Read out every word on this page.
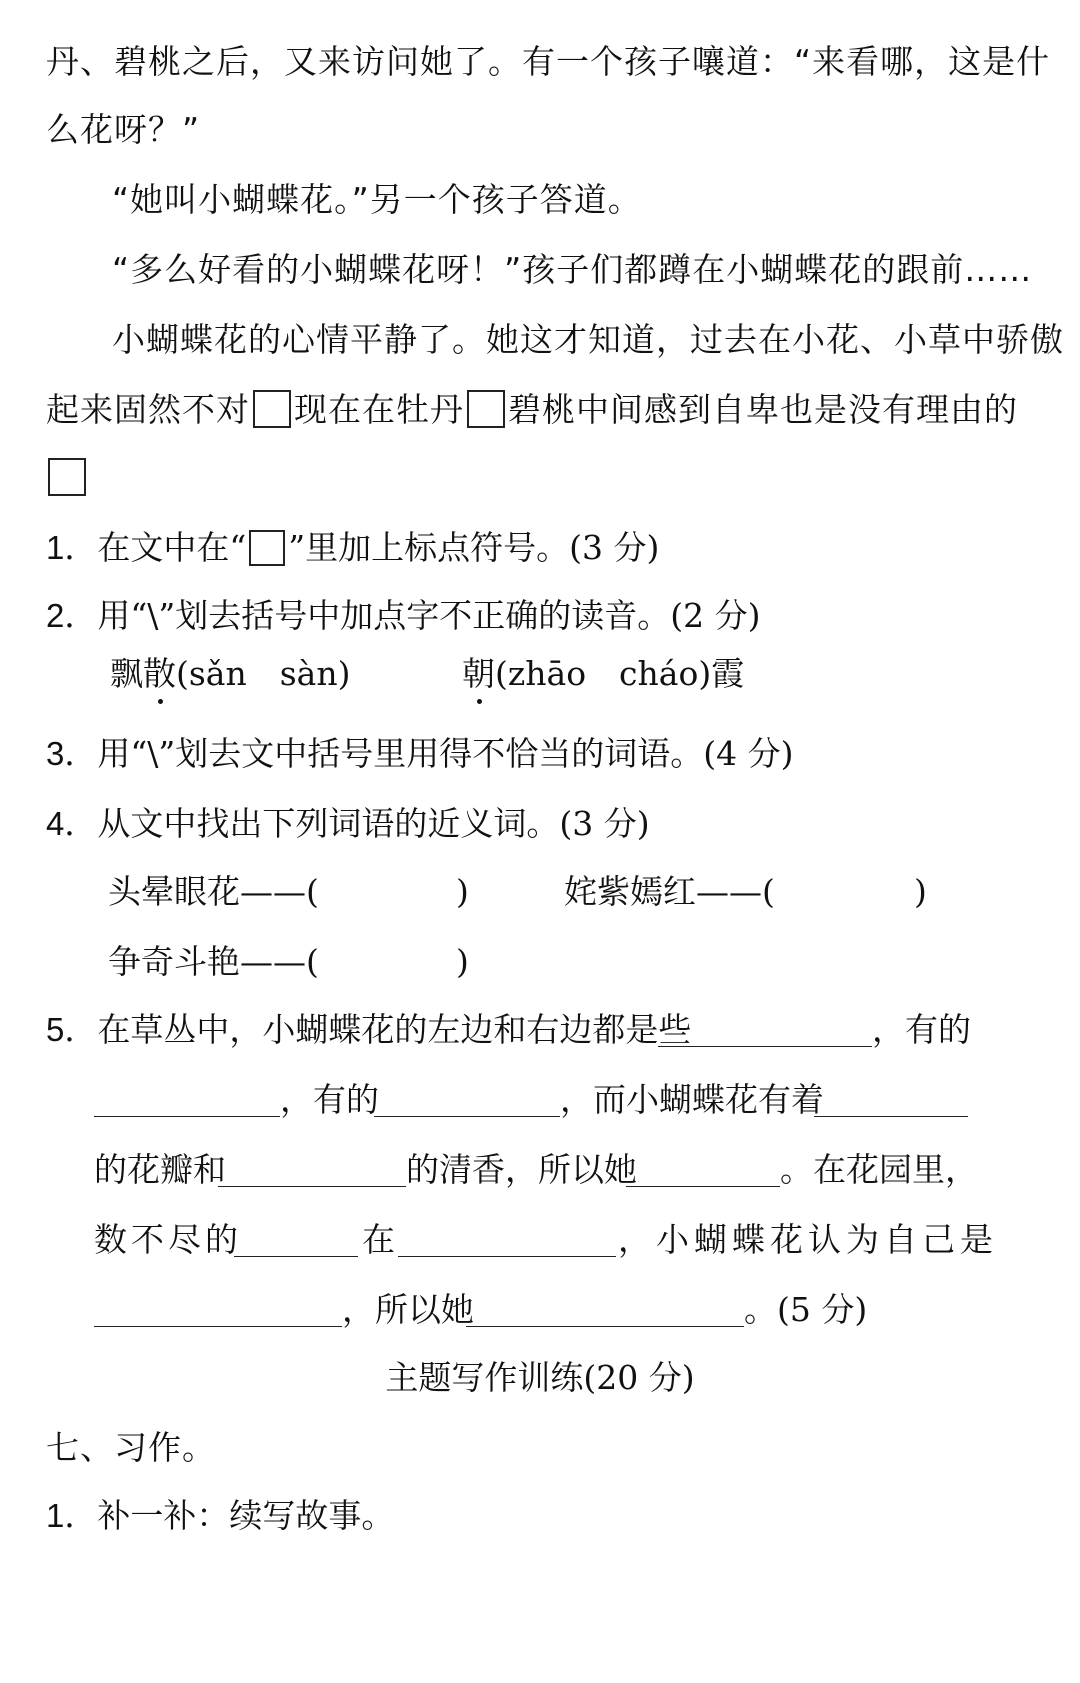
丹、碧桃之后，又来访问她了。有一个孩子嚷道：“来看哪，这是什
么花呀？”
“她叫小蝴蝶花。”另一个孩子答道。
“多么好看的小蝴蝶花呀！”孩子们都蹲在小蝴蝶花的跟前……
小蝴蝶花的心情平静了。她这才知道，过去在小花、小草中骄傲
起来固然不对 现在在牡丹 碧桃中间感到自卑也是没有理由的
1．在文中在“ ”里加上标点符号。(3 分)
2．用“\”划去括号中加点字不正确的读音。(2 分)
飘散(sǎn　sàn)	朝(zhāo　cháo)霞
3．用“\”划去文中括号里用得不恰当的词语。(4 分)
4．从文中找出下列词语的近义词。(3 分)
头晕眼花——(	)	姹紫嫣红——(	)
争奇斗艳——(	)
5．在草丛中，小蝴蝶花的左边和右边都是些	，有的
，有的	，而小蝴蝶花有着
的花瓣和	的清香，所以她	。在花园里，
数不尽的	在	，小蝴蝶花认为自己是
，所以她	。(5 分)
主题写作训练(20 分)
七、习作。
1．补一补：续写故事。
